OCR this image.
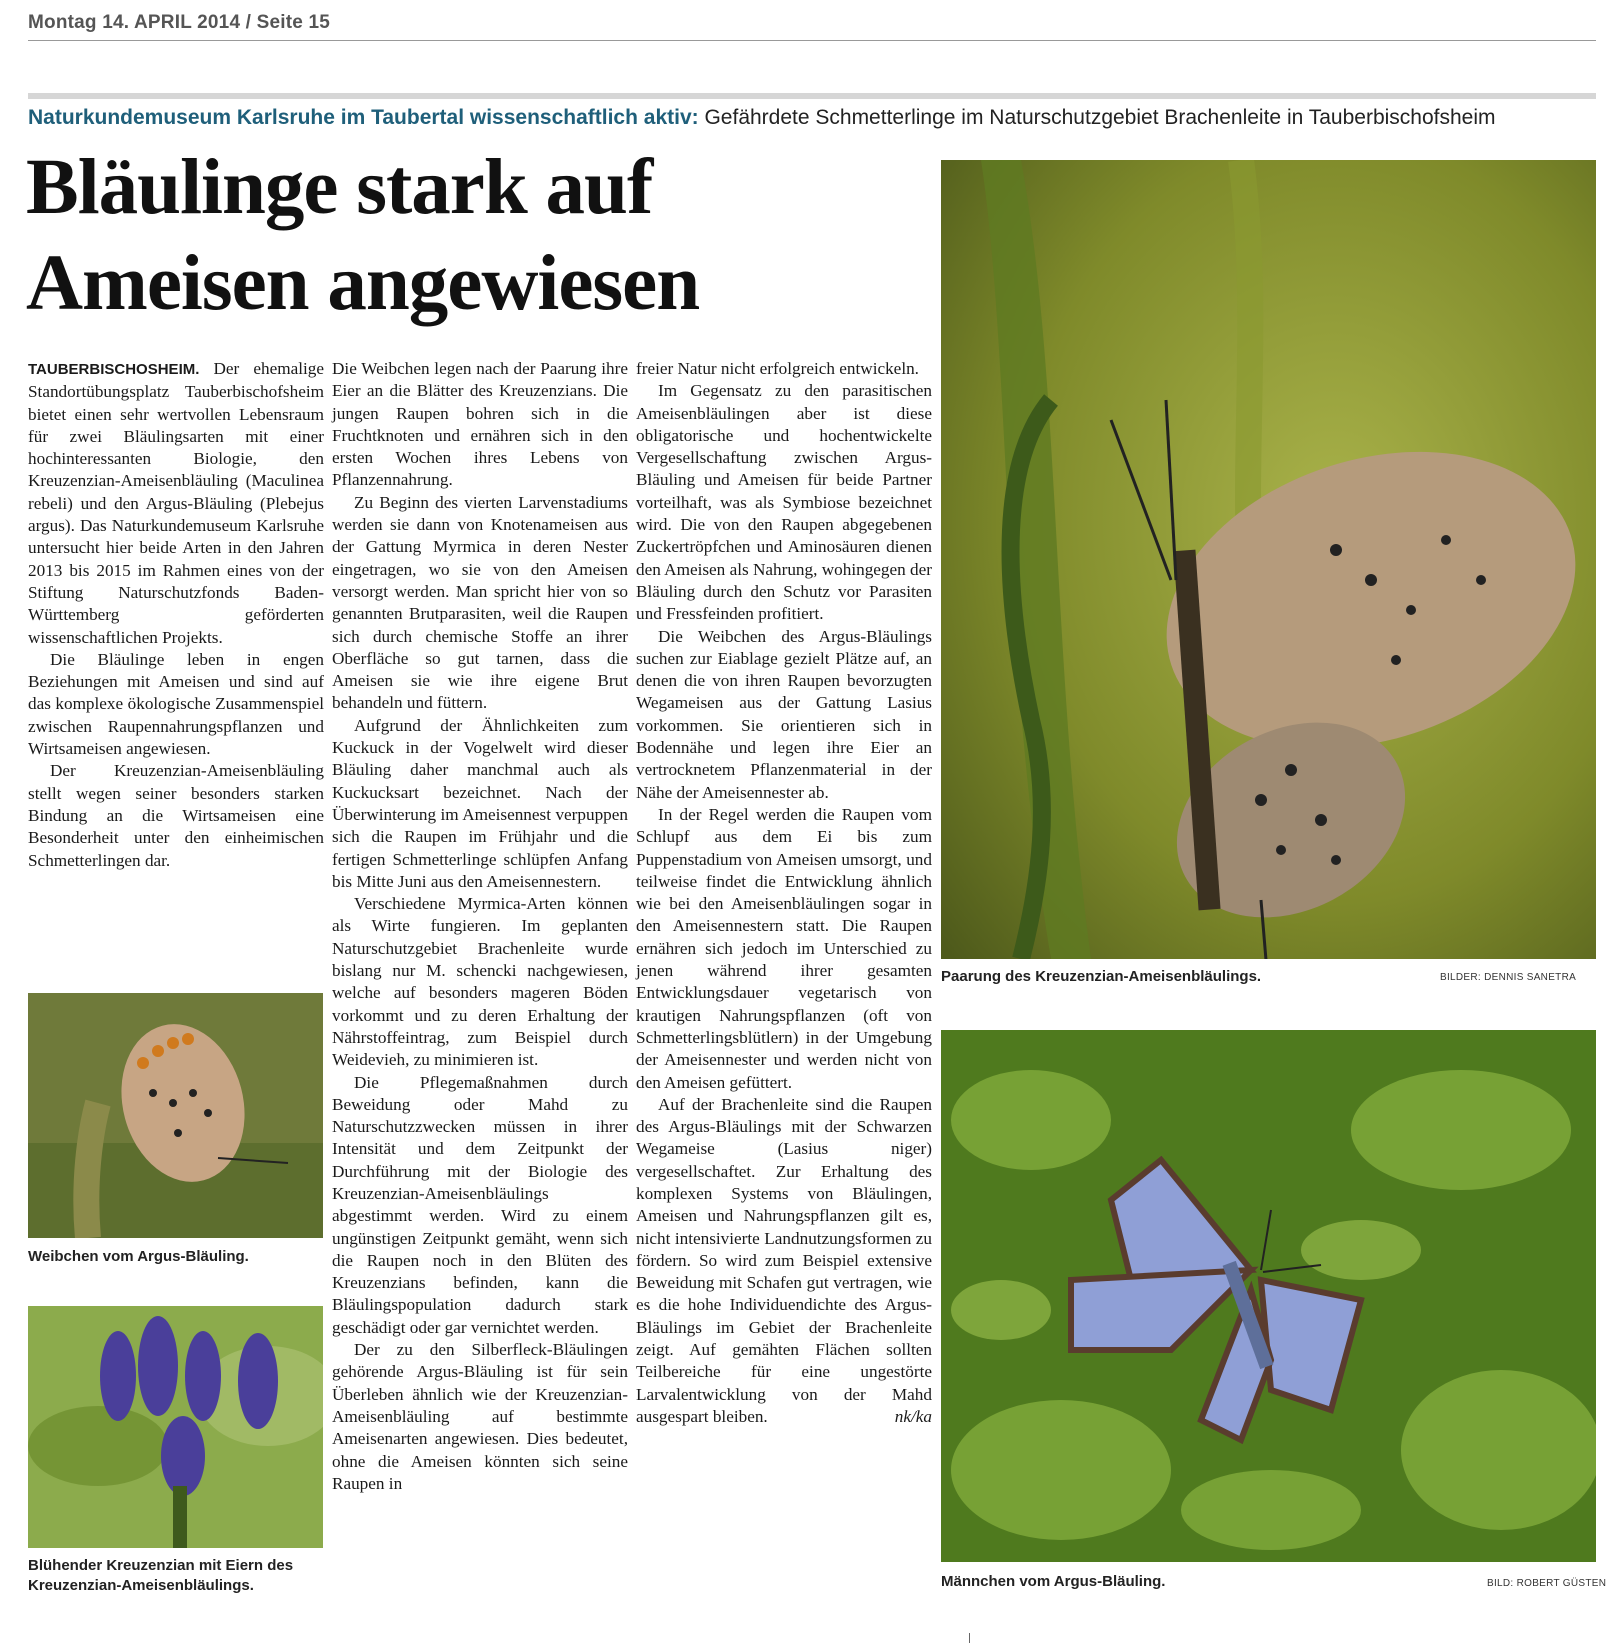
Montag 14. APRIL 2014 / Seite 15
Naturkundemuseum Karlsruhe im Taubertal wissenschaftlich aktiv: Gefährdete Schmetterlinge im Naturschutzgebiet Brachenleite in Tauberbischofsheim
Bläulinge stark auf
Ameisen angewiesen

TAUBERBISCHOSHEIM. Der ehemalige Standortübungsplatz Tauberbischofsheim bietet einen sehr wertvollen Lebensraum für zwei Bläulingsarten mit einer hochinteressanten Biologie, den Kreuzenzian-Ameisenbläuling (Maculinea rebeli) und den Argus-Bläuling (Plebejus argus). Das Naturkundemuseum Karlsruhe untersucht hier beide Arten in den Jahren 2013 bis 2015 im Rahmen eines von der Stiftung Naturschutzfonds Baden-Württemberg geförderten wissenschaftlichen Projekts.

Die Bläulinge leben in engen Beziehungen mit Ameisen und sind auf das komplexe ökologische Zusammenspiel zwischen Raupennahrungspflanzen und Wirtsameisen angewiesen.

Der Kreuzenzian-Ameisenbläuling stellt wegen seiner besonders starken Bindung an die Wirtsameisen eine Besonderheit unter den einheimischen Schmetterlingen dar.

Die Weibchen legen nach der Paarung ihre Eier an die Blätter des Kreuzenzians. Die jungen Raupen bohren sich in die Fruchtknoten und ernähren sich in den ersten Wochen ihres Lebens von Pflanzennahrung.

Zu Beginn des vierten Larvenstadiums werden sie dann von Knotenameisen aus der Gattung Myrmica in deren Nester eingetragen, wo sie von den Ameisen versorgt werden. Man spricht hier von so genannten Brutparasiten, weil die Raupen sich durch chemische Stoffe an ihrer Oberfläche so gut tarnen, dass die Ameisen sie wie ihre eigene Brut behandeln und füttern.

Aufgrund der Ähnlichkeiten zum Kuckuck in der Vogelwelt wird dieser Bläuling daher manchmal auch als Kuckucksart bezeichnet. Nach der Überwinterung im Ameisennest verpuppen sich die Raupen im Frühjahr und die fertigen Schmetterlinge schlüpfen Anfang bis Mitte Juni aus den Ameisennestern.

Verschiedene Myrmica-Arten können als Wirte fungieren. Im geplanten Naturschutzgebiet Brachenleite wurde bislang nur M. schencki nachgewiesen, welche auf besonders mageren Böden vorkommt und zu deren Erhaltung der Nährstoffeintrag, zum Beispiel durch Weidevieh, zu minimieren ist.

Die Pflegemaßnahmen durch Beweidung oder Mahd zu Naturschutzzwecken müssen in ihrer Intensität und dem Zeitpunkt der Durchführung mit der Biologie des Kreuzenzian-Ameisenbläulings abgestimmt werden. Wird zu einem ungünstigen Zeitpunkt gemäht, wenn sich die Raupen noch in den Blüten des Kreuzenzians befinden, kann die Bläulingspopulation dadurch stark geschädigt oder gar vernichtet werden.

Der zu den Silberfleck-Bläulingen gehörende Argus-Bläuling ist für sein Überleben ähnlich wie der Kreuzenzian-Ameisenbläuling auf bestimmte Ameisenarten angewiesen. Dies bedeutet, ohne die Ameisen könnten sich seine Raupen in

freier Natur nicht erfolgreich entwickeln.

Im Gegensatz zu den parasitischen Ameisenbläulingen aber ist diese obligatorische und hochentwickelte Vergesellschaftung zwischen Argus-Bläuling und Ameisen für beide Partner vorteilhaft, was als Symbiose bezeichnet wird. Die von den Raupen abgegebenen Zuckertröpfchen und Aminosäuren dienen den Ameisen als Nahrung, wohingegen der Bläuling durch den Schutz vor Parasiten und Fressfeinden profitiert.

Die Weibchen des Argus-Bläulings suchen zur Eiablage gezielt Plätze auf, an denen die von ihren Raupen bevorzugten Wegameisen aus der Gattung Lasius vorkommen. Sie orientieren sich in Bodennähe und legen ihre Eier an vertrocknetem Pflanzenmaterial in der Nähe der Ameisennester ab.

In der Regel werden die Raupen vom Schlupf aus dem Ei bis zum Puppenstadium von Ameisen umsorgt, und teilweise findet die Entwicklung ähnlich wie bei den Ameisenbläulingen sogar in den Ameisennestern statt. Die Raupen ernähren sich jedoch im Unterschied zu jenen während ihrer gesamten Entwicklungsdauer vegetarisch von krautigen Nahrungspflanzen (oft von Schmetterlingsblütlern) in der Umgebung der Ameisennester und werden nicht von den Ameisen gefüttert.

Auf der Brachenleite sind die Raupen des Argus-Bläulings mit der Schwarzen Wegameise (Lasius niger) vergesellschaftet. Zur Erhaltung des komplexen Systems von Bläulingen, Ameisen und Nahrungspflanzen gilt es, nicht intensivierte Landnutzungsformen zu fördern. So wird zum Beispiel extensive Beweidung mit Schafen gut vertragen, wie es die hohe Individuendichte des Argus-Bläulings im Gebiet der Brachenleite zeigt. Auf gemähten Flächen sollten Teilbereiche für eine ungestörte Larvalentwicklung von der Mahd ausgespart bleiben.	nk/ka

Paarung des Kreuzenzian-Ameisenbläulings.	BILDER: DENNIS SANETRA
Weibchen vom Argus-Bläuling.
Blühender Kreuzenzian mit Eiern des Kreuzenzian-Ameisenbläulings.	Männchen vom Argus-Bläuling.	BILD: ROBERT GÜSTEN
